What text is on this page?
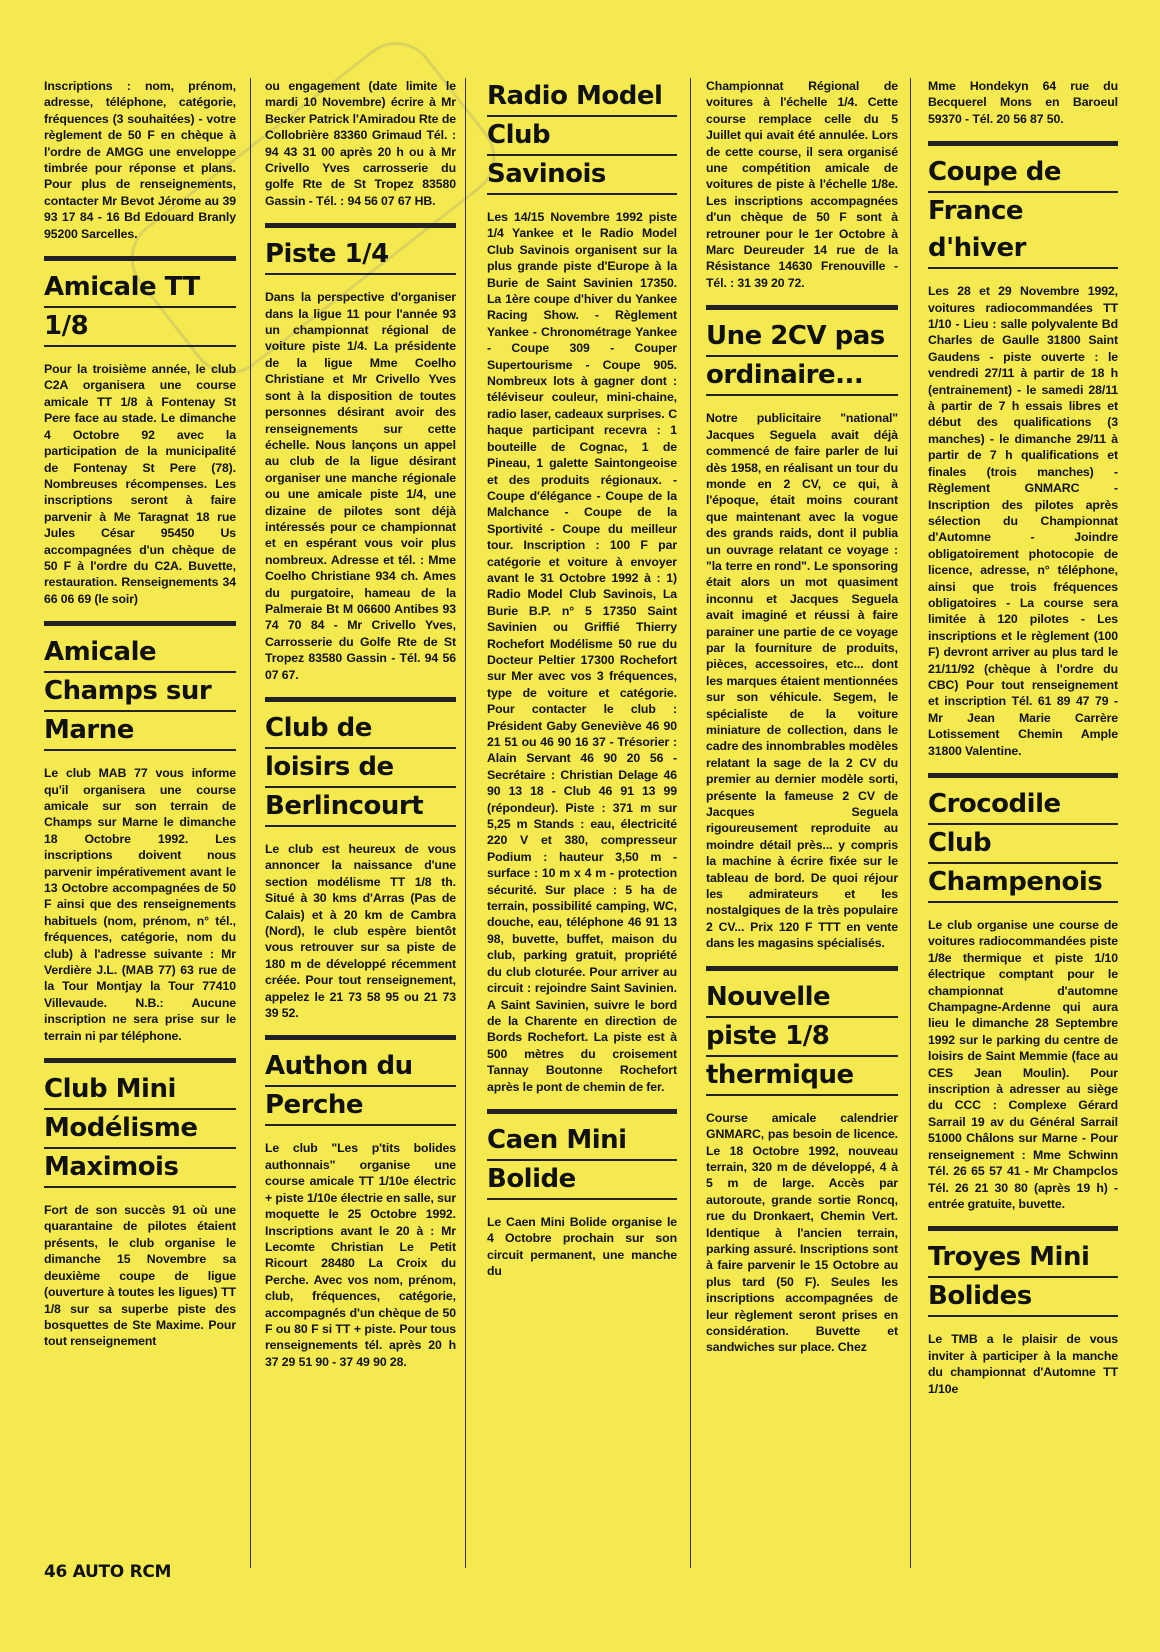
Inscriptions : nom, prénom, adresse, téléphone, catégorie, fréquences (3 souhaitées) - votre règlement de 50 F en chèque à l'ordre de AMGG une enveloppe timbrée pour réponse et plans. Pour plus de renseignements, contacter Mr Bevot Jérome au 39 93 17 84 - 16 Bd Edouard Branly 95200 Sarcelles.

Amicale TT
1/8

Pour la troisième année, le club C2A organisera une course amicale TT 1/8 à Fontenay St Pere face au stade. Le dimanche 4 Octobre 92 avec la participation de la municipalité de Fontenay St Pere (78). Nombreuses récompenses. Les inscriptions seront à faire parvenir à Me Taragnat 18 rue Jules César 95450 Us accompagnées d'un chèque de 50 F à l'ordre du C2A. Buvette, restauration. Renseignements 34 66 06 69 (le soir)

Amicale
Champs sur
Marne

Le club MAB 77 vous informe qu'il organisera une course amicale sur son terrain de Champs sur Marne le dimanche 18 Octobre 1992. Les inscriptions doivent nous parvenir impérativement avant le 13 Octobre accompagnées de 50 F ainsi que des renseignements habituels (nom, prénom, n° tél., fréquences, catégorie, nom du club) à l'adresse suivante : Mr Verdière J.L. (MAB 77) 63 rue de la Tour Montjay la Tour 77410 Villevaude. N.B.: Aucune inscription ne sera prise sur le terrain ni par téléphone.

Club Mini
Modélisme
Maximois

Fort de son succès 91 où une quarantaine de pilotes étaient présents, le club organise le dimanche 15 Novembre sa deuxième coupe de ligue (ouverture à toutes les ligues) TT 1/8 sur sa superbe piste des bosquettes de Ste Maxime. Pour tout renseignement

ou engagement (date limite le mardi 10 Novembre) écrire à Mr Becker Patrick l'Amiradou Rte de Collobrière 83360 Grimaud Tél. : 94 43 31 00 après 20 h ou à Mr Crivello Yves carrosserie du golfe Rte de St Tropez 83580 Gassin - Tél. : 94 56 07 67 HB.

Piste 1/4

Dans la perspective d'organiser dans la ligue 11 pour l'année 93 un championnat régional de voiture piste 1/4. La présidente de la ligue Mme Coelho Christiane et Mr Crivello Yves sont à la disposition de toutes personnes désirant avoir des renseignements sur cette échelle. Nous lançons un appel au club de la ligue désirant organiser une manche régionale ou une amicale piste 1/4, une dizaine de pilotes sont déjà intéressés pour ce championnat et en espérant vous voir plus nombreux. Adresse et tél. : Mme Coelho Christiane 934 ch. Ames du purgatoire, hameau de la Palmeraie Bt M 06600 Antibes 93 74 70 84 - Mr Crivello Yves, Carrosserie du Golfe Rte de St Tropez 83580 Gassin - Tél. 94 56 07 67.

Club de
loisirs de
Berlincourt

Le club est heureux de vous annoncer la naissance d'une section modélisme TT 1/8 th. Situé à 30 kms d'Arras (Pas de Calais) et à 20 km de Cambra (Nord), le club espère bientôt vous retrouver sur sa piste de 180 m de développé récemment créée. Pour tout renseignement, appelez le 21 73 58 95 ou 21 73 39 52.

Authon du
Perche

Le club "Les p'tits bolides authonnais" organise une course amicale TT 1/10e électric + piste 1/10e électrie en salle, sur moquette le 25 Octobre 1992. Inscriptions avant le 20 à : Mr Lecomte Christian Le Petit Ricourt 28480 La Croix du Perche. Avec vos nom, prénom, club, fréquences, catégorie, accompagnés d'un chèque de 50 F ou 80 F si TT + piste. Pour tous renseignements tél. après 20 h 37 29 51 90 - 37 49 90 28.

Radio Model
Club
Savinois

Les 14/15 Novembre 1992 piste 1/4 Yankee et le Radio Model Club Savinois organisent sur la plus grande piste d'Europe à la Burie de Saint Savinien 17350. La 1ère coupe d'hiver du Yankee Racing Show. - Règlement Yankee - Chronométrage Yankee - Coupe 309 - Couper Supertourisme - Coupe 905. Nombreux lots à gagner dont : téléviseur couleur, mini-chaine, radio laser, cadeaux surprises. C haque participant recevra : 1 bouteille de Cognac, 1 de Pineau, 1 galette Saintongeoise et des produits régionaux. - Coupe d'élégance - Coupe de la Malchance - Coupe de la Sportivité - Coupe du meilleur tour. Inscription : 100 F par catégorie et voiture à envoyer avant le 31 Octobre 1992 à : 1) Radio Model Club Savinois, La Burie B.P. n° 5 17350 Saint Savinien ou Griffié Thierry Rochefort Modélisme 50 rue du Docteur Peltier 17300 Rochefort sur Mer avec vos 3 fréquences, type de voiture et catégorie. Pour contacter le club : Président Gaby Geneviève 46 90 21 51 ou 46 90 16 37 - Trésorier : Alain Servant 46 90 20 56 - Secrétaire : Christian Delage 46 90 13 18 - Club 46 91 13 99 (répondeur). Piste : 371 m sur 5,25 m Stands : eau, électricité 220 V et 380, compresseur Podium : hauteur 3,50 m - surface : 10 m x 4 m - protection sécurité. Sur place : 5 ha de terrain, possibilité camping, WC, douche, eau, téléphone 46 91 13 98, buvette, buffet, maison du club, parking gratuit, propriété du club cloturée. Pour arriver au circuit : rejoindre Saint Savinien. A Saint Savinien, suivre le bord de la Charente en direction de Bords Rochefort. La piste est à 500 mètres du croisement Tannay Boutonne Rochefort après le pont de chemin de fer.

Caen Mini
Bolide

Le Caen Mini Bolide organise le 4 Octobre prochain sur son circuit permanent, une manche du

Championnat Régional de voitures à l'échelle 1/4. Cette course remplace celle du 5 Juillet qui avait été annulée. Lors de cette course, il sera organisé une compétition amicale de voitures de piste à l'échelle 1/8e. Les inscriptions accompagnées d'un chèque de 50 F sont à retrouner pour le 1er Octobre à Marc Deureuder 14 rue de la Résistance 14630 Frenouville - Tél. : 31 39 20 72.

Une 2CV pas
ordinaire...

Notre publicitaire "national" Jacques Seguela avait déjà commencé de faire parler de lui dès 1958, en réalisant un tour du monde en 2 CV, ce qui, à l'époque, était moins courant que maintenant avec la vogue des grands raids, dont il publia un ouvrage relatant ce voyage : "la terre en rond". Le sponsoring était alors un mot quasiment inconnu et Jacques Seguela avait imaginé et réussi à faire parainer une partie de ce voyage par la fourniture de produits, pièces, accessoires, etc... dont les marques étaient mentionnées sur son véhicule. Segem, le spécialiste de la voiture miniature de collection, dans le cadre des innombrables modèles relatant la sage de la 2 CV du premier au dernier modèle sorti, présente la fameuse 2 CV de Jacques Seguela rigoureusement reproduite au moindre détail près... y compris la machine à écrire fixée sur le tableau de bord. De quoi réjour les admirateurs et les nostalgiques de la très populaire 2 CV... Prix 120 F TTT en vente dans les magasins spécialisés.

Nouvelle
piste 1/8
thermique

Course amicale calendrier GNMARC, pas besoin de licence. Le 18 Octobre 1992, nouveau terrain, 320 m de développé, 4 à 5 m de large. Accès par autoroute, grande sortie Roncq, rue du Dronkaert, Chemin Vert. Identique à l'ancien terrain, parking assuré. Inscriptions sont à faire parvenir le 15 Octobre au plus tard (50 F). Seules les inscriptions accompagnées de leur règlement seront prises en considération. Buvette et sandwiches sur place. Chez

Mme Hondekyn 64 rue du Becquerel Mons en Baroeul 59370 - Tél. 20 56 87 50.

Coupe de
France d'hiver

Les 28 et 29 Novembre 1992, voitures radiocommandées TT 1/10 - Lieu : salle polyvalente Bd Charles de Gaulle 31800 Saint Gaudens - piste ouverte : le vendredi 27/11 à partir de 18 h (entrainement) - le samedi 28/11 à partir de 7 h essais libres et début des qualifications (3 manches) - le dimanche 29/11 à partir de 7 h qualifications et finales (trois manches) - Règlement GNMARC - Inscription des pilotes après sélection du Championnat d'Automne - Joindre obligatoirement photocopie de licence, adresse, n° téléphone, ainsi que trois fréquences obligatoires - La course sera limitée à 120 pilotes - Les inscriptions et le règlement (100 F) devront arriver au plus tard le 21/11/92 (chèque à l'ordre du CBC) Pour tout renseignement et inscription Tél. 61 89 47 79 - Mr Jean Marie Carrère Lotissement Chemin Ample 31800 Valentine.

Crocodile
Club
Champenois

Le club organise une course de voitures radiocommandées piste 1/8e thermique et piste 1/10 électrique comptant pour le championnat d'automne Champagne-Ardenne qui aura lieu le dimanche 28 Septembre 1992 sur le parking du centre de loisirs de Saint Memmie (face au CES Jean Moulin). Pour inscription à adresser au siège du CCC : Complexe Gérard Sarrail 19 av du Général Sarrail 51000 Châlons sur Marne - Pour renseignement : Mme Schwinn Tél. 26 65 57 41 - Mr Champclos Tél. 26 21 30 80 (après 19 h) - entrée gratuite, buvette.

Troyes Mini
Bolides

Le TMB a le plaisir de vous inviter à participer à la manche du championnat d'Automne TT 1/10e

46 AUTO RCM
